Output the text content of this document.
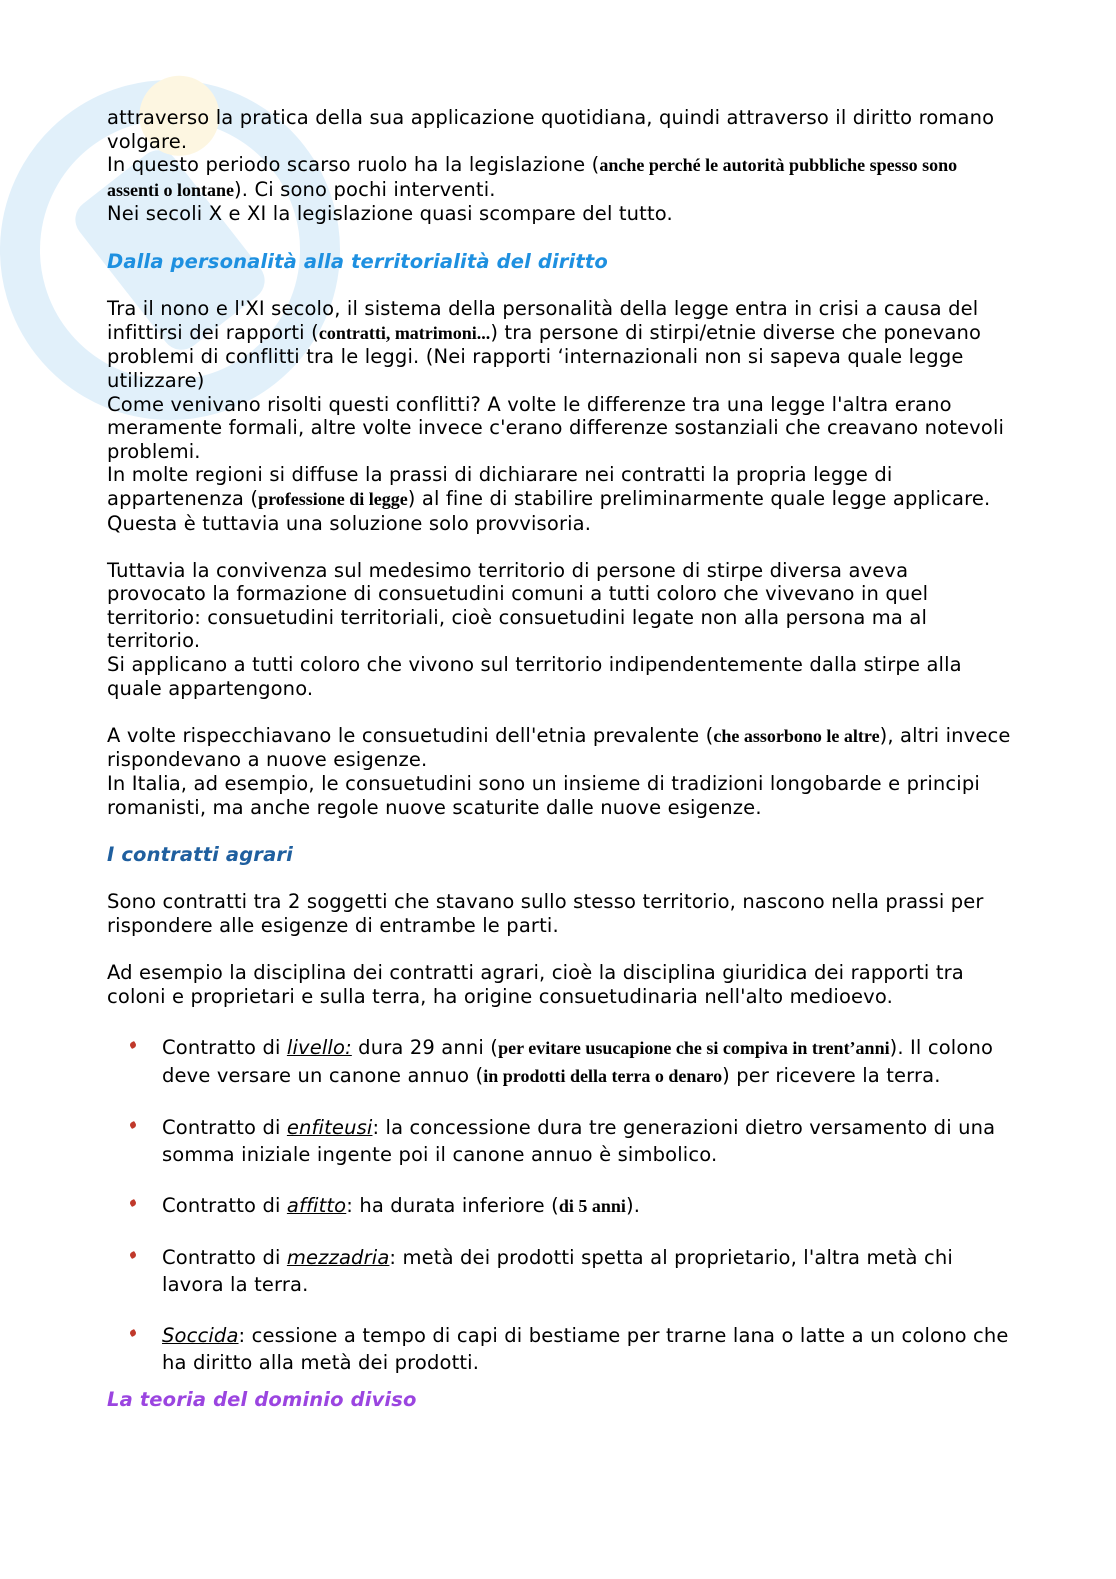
attraverso la pratica della sua applicazione quotidiana, quindi attraverso il diritto romano volgare.

In questo periodo scarso ruolo ha la legislazione (anche perché le autorità pubbliche spesso sono assenti o lontane). Ci sono pochi interventi.

Nei secoli X e XI la legislazione quasi scompare del tutto.

Dalla personalità alla territorialità del diritto

Tra il nono e l'XI secolo, il sistema della personalità della legge entra in crisi a causa del infittirsi dei rapporti (contratti, matrimoni...) tra persone di stirpi/etnie diverse che ponevano problemi di conflitti tra le leggi. (Nei rapporti ‘internazionali non si sapeva quale legge utilizzare)

Come venivano risolti questi conflitti? A volte le differenze tra una legge l'altra erano meramente formali, altre volte invece c'erano differenze sostanziali che creavano notevoli problemi.

In molte regioni si diffuse la prassi di dichiarare nei contratti la propria legge di appartenenza (professione di legge) al fine di stabilire preliminarmente quale legge applicare. Questa è tuttavia una soluzione solo provvisoria.

Tuttavia la convivenza sul medesimo territorio di persone di stirpe diversa aveva provocato la formazione di consuetudini comuni a tutti coloro che vivevano in quel territorio: consuetudini territoriali, cioè consuetudini legate non alla persona ma al territorio.

Si applicano a tutti coloro che vivono sul territorio indipendentemente dalla stirpe alla quale appartengono.

A volte rispecchiavano le consuetudini dell'etnia prevalente (che assorbono le altre), altri invece rispondevano a nuove esigenze.

In Italia, ad esempio, le consuetudini sono un insieme di tradizioni longobarde e principi romanisti, ma anche regole nuove scaturite dalle nuove esigenze.

I contratti agrari

Sono contratti tra 2 soggetti che stavano sullo stesso territorio, nascono nella prassi per rispondere alle esigenze di entrambe le parti.

Ad esempio la disciplina dei contratti agrari, cioè la disciplina giuridica dei rapporti tra coloni e proprietari e sulla terra, ha origine consuetudinaria nell'alto medioevo.

Contratto di livello: dura 29 anni (per evitare usucapione che si compiva in trent’anni). Il colono deve versare un canone annuo (in prodotti della terra o denaro) per ricevere la terra.
Contratto di enfiteusi: la concessione dura tre generazioni dietro versamento di una somma iniziale ingente poi il canone annuo è simbolico.
Contratto di affitto: ha durata inferiore (di 5 anni).
Contratto di mezzadria: metà dei prodotti spetta al proprietario, l'altra metà chi lavora la terra.
Soccida: cessione a tempo di capi di bestiame per trarne lana o latte a un colono che ha diritto alla metà dei prodotti.

La teoria del dominio diviso
